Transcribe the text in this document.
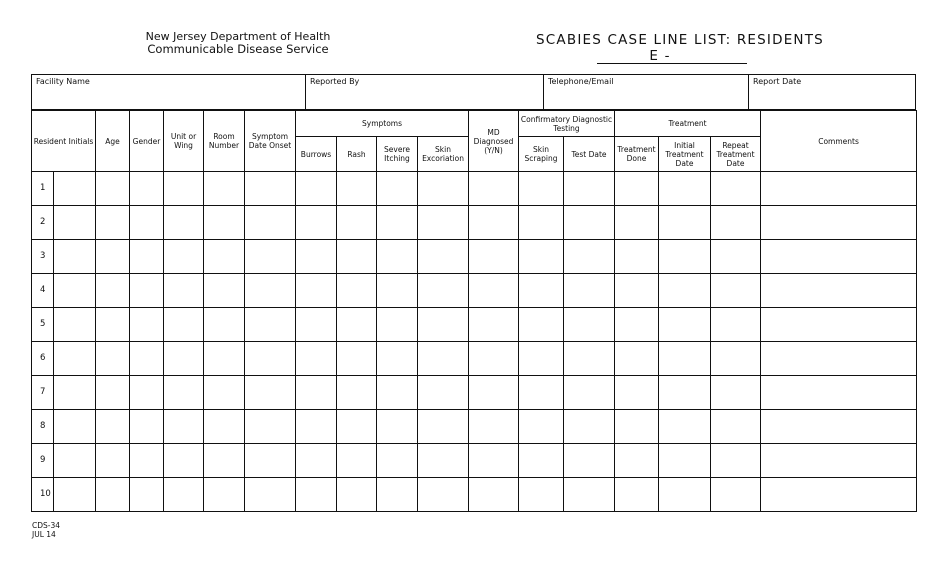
New Jersey Department of Health
Communicable Disease Service
SCABIES CASE LINE LIST: RESIDENTS
E -
Facility Name	Reported By	Telephone/Email	Report Date
Resident Initials		Age	Gender	Unit or Wing	Room Number	Symptom Date Onset	Symptoms				MD Diagnosed (Y/N)	Confirmatory Diagnostic Testing		Treatment			Comments
							Burrows	Rash	Severe Itching	Skin Excoriation		Skin Scraping	Test Date	Treatment Done	Initial Treatment Date	Repeat Treatment Date	
1																	
2																	
3																	
4																	
5																	
6																	
7																	
8																	
9																	
10																	
CDS-34
JUL 14
